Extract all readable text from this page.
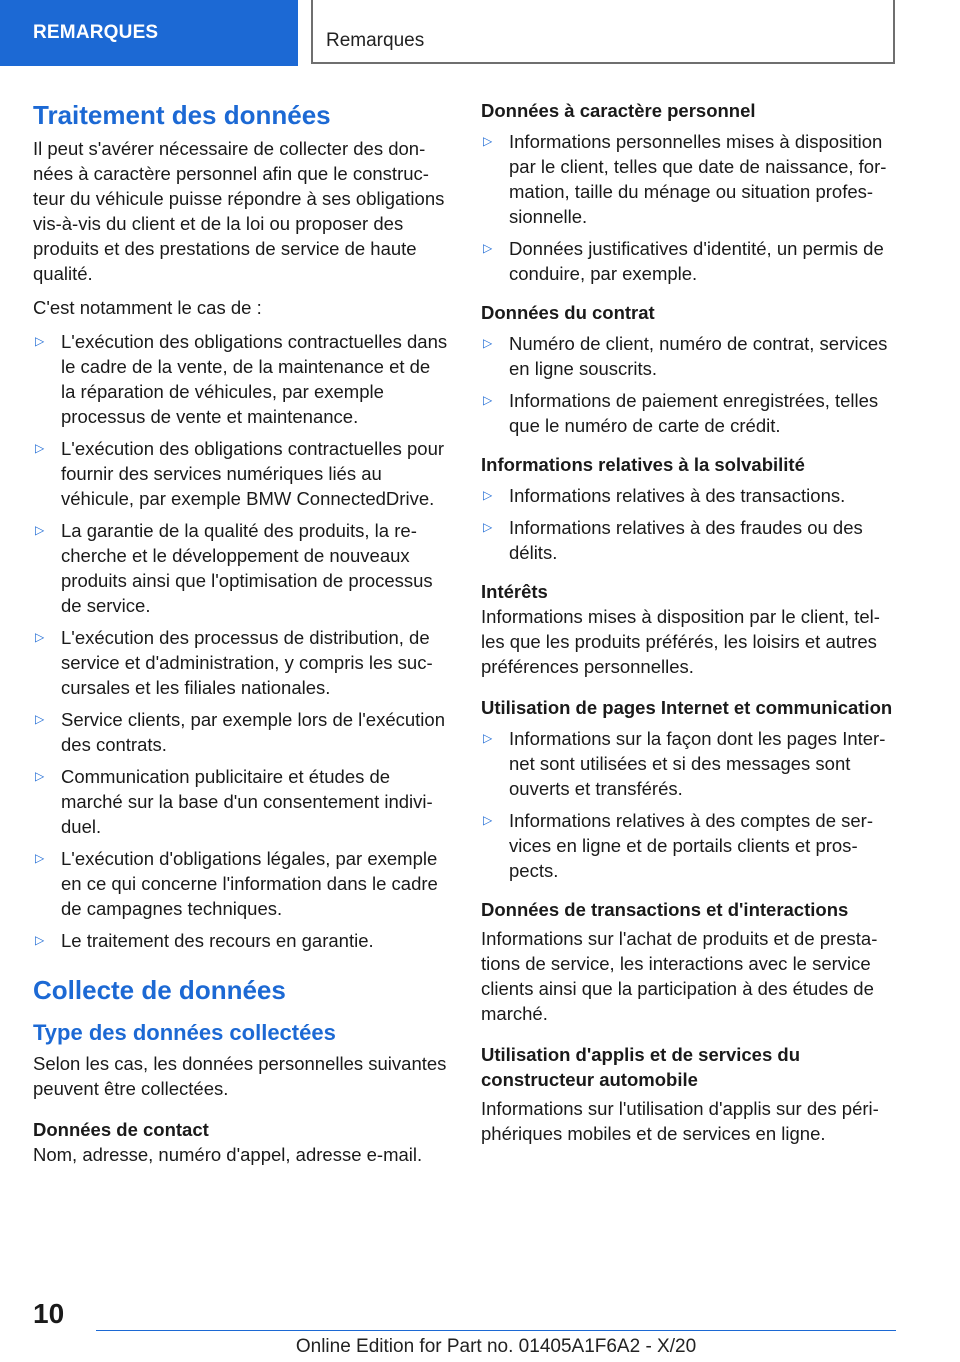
REMARQUES	Remarques
Traitement des données

Il peut s'avérer nécessaire de collecter des données à caractère personnel afin que le constructeur du véhicule puisse répondre à ses obligations vis-à-vis du client et de la loi ou proposer des produits et des prestations de service de haute qualité.

C'est notamment le cas de :

▷ L'exécution des obligations contractuelles dans le cadre de la vente, de la maintenance et de la réparation de véhicules, par exemple processus de vente et maintenance.
▷ L'exécution des obligations contractuelles pour fournir des services numériques liés au véhicule, par exemple BMW ConnectedDrive.
▷ La garantie de la qualité des produits, la recherche et le développement de nouveaux produits ainsi que l'optimisation de processus de service.
▷ L'exécution des processus de distribution, de service et d'administration, y compris les succursales et les filiales nationales.
▷ Service clients, par exemple lors de l'exécution des contrats.
▷ Communication publicitaire et études de marché sur la base d'un consentement individuel.
▷ L'exécution d'obligations légales, par exemple en ce qui concerne l'information dans le cadre de campagnes techniques.
▷ Le traitement des recours en garantie.
Collecte de données
Type des données collectées

Selon les cas, les données personnelles suivantes peuvent être collectées.

Données de contact
Nom, adresse, numéro d'appel, adresse e-mail.
Données à caractère personnel
▷ Informations personnelles mises à disposition par le client, telles que date de naissance, formation, taille du ménage ou situation professionnelle.
▷ Données justificatives d'identité, un permis de conduire, par exemple.
Données du contrat
▷ Numéro de client, numéro de contrat, services en ligne souscrits.
▷ Informations de paiement enregistrées, telles que le numéro de carte de crédit.
Informations relatives à la solvabilité
▷ Informations relatives à des transactions.
▷ Informations relatives à des fraudes ou des délits.
Intérêts
Informations mises à disposition par le client, telles que les produits préférés, les loisirs et autres préférences personnelles.
Utilisation de pages Internet et communication
▷ Informations sur la façon dont les pages Internet sont utilisées et si des messages sont ouverts et transférés.
▷ Informations relatives à des comptes de services en ligne et de portails clients et prospects.
Données de transactions et d'interactions
Informations sur l'achat de produits et de prestations de service, les interactions avec le service clients ainsi que la participation à des études de marché.
Utilisation d'applis et de services du constructeur automobile
Informations sur l'utilisation d'applis sur des périphériques mobiles et de services en ligne.
10
Online Edition for Part no. 01405A1F6A2 - X/20
